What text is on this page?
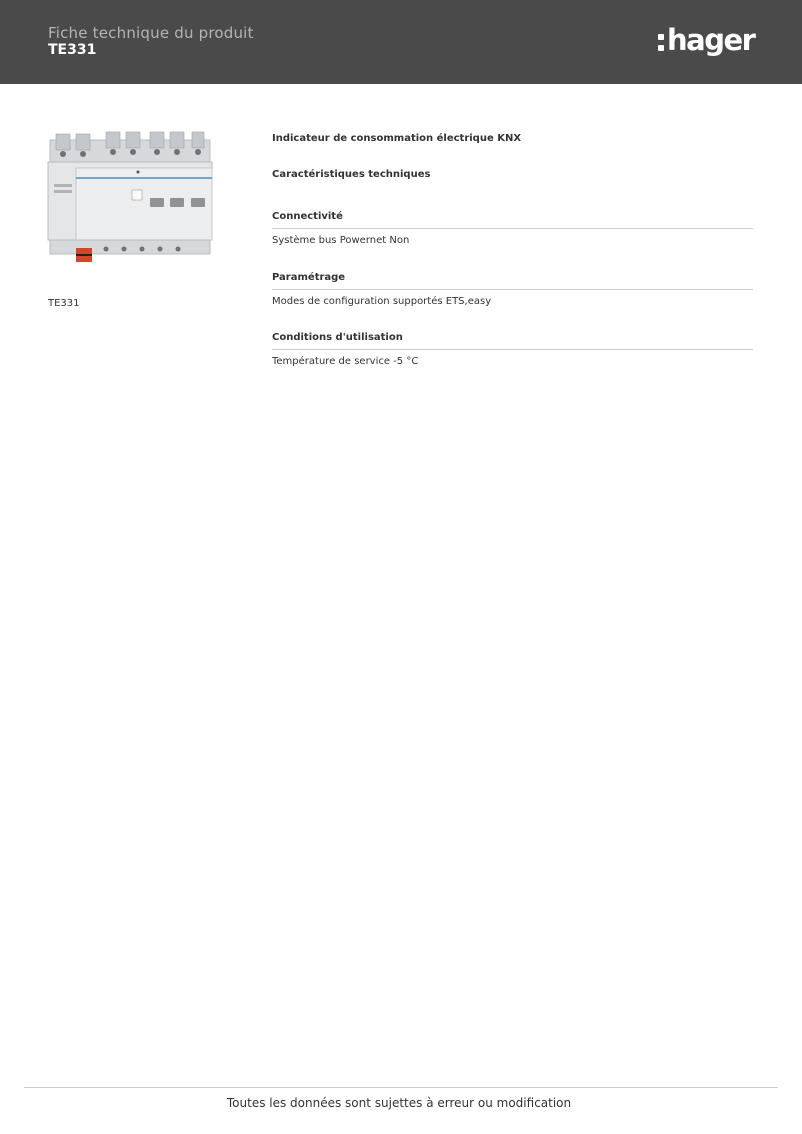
Fiche technique du produit
TE331	hager
TE331
Indicateur de consommation électrique KNX
Caractéristiques techniques
Connectivité
Système bus Powernet Non
Paramétrage
Modes de configuration supportés ETS,easy
Conditions d'utilisation
Température de service -5 °C
Toutes les données sont sujettes à erreur ou modification
